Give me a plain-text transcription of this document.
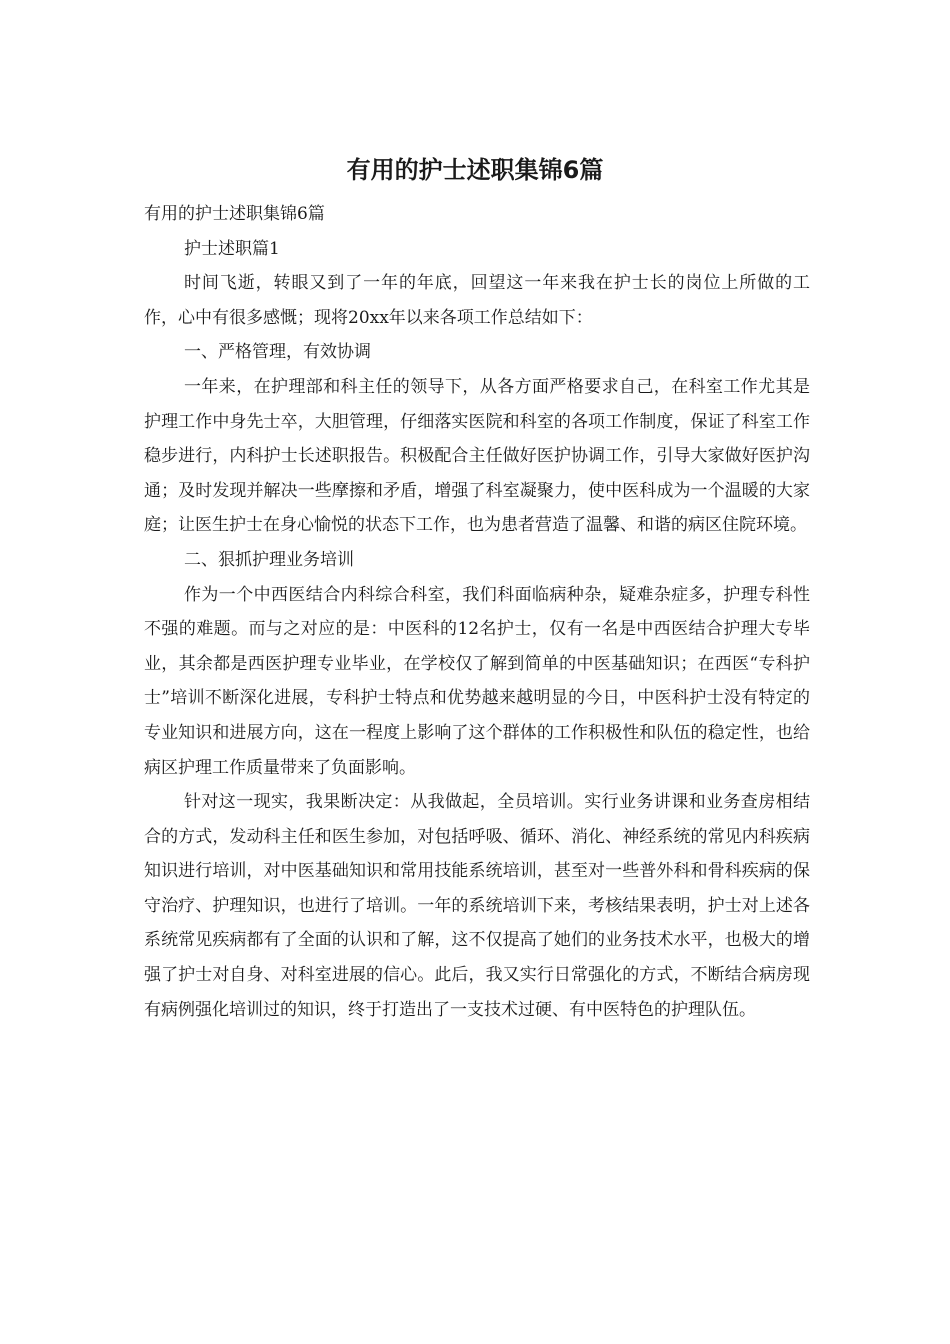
有用的护士述职集锦6篇

有用的护士述职集锦6篇

护士述职篇1

时间飞逝，转眼又到了一年的年底，回望这一年来我在护士长的岗位上所做的工作，心中有很多感慨；现将20xx年以来各项工作总结如下：

一、严格管理，有效协调

一年来，在护理部和科主任的领导下，从各方面严格要求自己，在科室工作尤其是护理工作中身先士卒，大胆管理，仔细落实医院和科室的各项工作制度，保证了科室工作稳步进行，内科护士长述职报告。积极配合主任做好医护协调工作，引导大家做好医护沟通；及时发现并解决一些摩擦和矛盾，增强了科室凝聚力，使中医科成为一个温暖的大家庭；让医生护士在身心愉悦的状态下工作，也为患者营造了温馨、和谐的病区住院环境。

二、狠抓护理业务培训

作为一个中西医结合内科综合科室，我们科面临病种杂，疑难杂症多，护理专科性不强的难题。而与之对应的是：中医科的12名护士，仅有一名是中西医结合护理大专毕业，其余都是西医护理专业毕业，在学校仅了解到简单的中医基础知识；在西医“专科护士”培训不断深化进展，专科护士特点和优势越来越明显的今日，中医科护士没有特定的专业知识和进展方向，这在一程度上影响了这个群体的工作积极性和队伍的稳定性，也给病区护理工作质量带来了负面影响。

针对这一现实，我果断决定：从我做起，全员培训。实行业务讲课和业务查房相结合的方式，发动科主任和医生参加，对包括呼吸、循环、消化、神经系统的常见内科疾病知识进行培训，对中医基础知识和常用技能系统培训，甚至对一些普外科和骨科疾病的保守治疗、护理知识，也进行了培训。一年的系统培训下来，考核结果表明，护士对上述各系统常见疾病都有了全面的认识和了解，这不仅提高了她们的业务技术水平，也极大的增强了护士对自身、对科室进展的信心。此后，我又实行日常强化的方式，不断结合病房现有病例强化培训过的知识，终于打造出了一支技术过硬、有中医特色的护理队伍。
